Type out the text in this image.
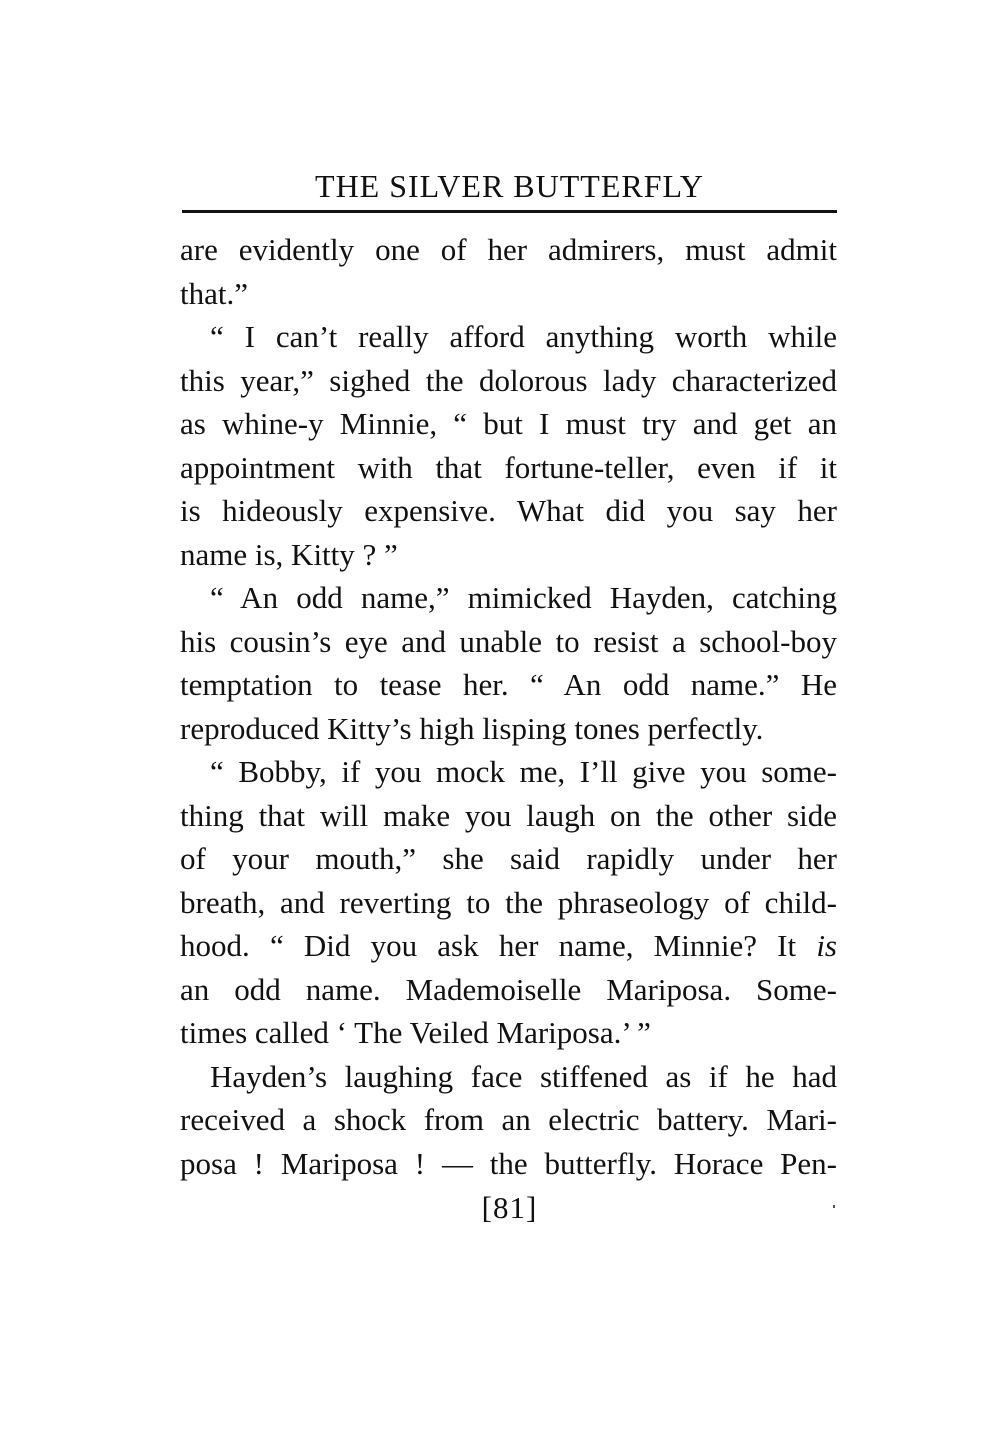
THE SILVER BUTTERFLY
are evidently one of her admirers, must admit
that.”
“ I can’t really afford anything worth while
this year,” sighed the dolorous lady characterized
as whine-y Minnie, “ but I must try and get an
appointment with that fortune-teller, even if it
is hideously expensive. What did you say her
name is, Kitty ? ”
“ An odd name,” mimicked Hayden, catching
his cousin’s eye and unable to resist a school-boy
temptation to tease her. “ An odd name.” He
reproduced Kitty’s high lisping tones perfectly.
“ Bobby, if you mock me, I’ll give you some-
thing that will make you laugh on the other side
of your mouth,” she said rapidly under her
breath, and reverting to the phraseology of child-
hood. “ Did you ask her name, Minnie? It is
an odd name. Mademoiselle Mariposa. Some-
times called ‘ The Veiled Mariposa.’ ”
Hayden’s laughing face stiffened as if he had
received a shock from an electric battery. Mari-
posa ! Mariposa ! — the butterfly. Horace Pen-
[81]
